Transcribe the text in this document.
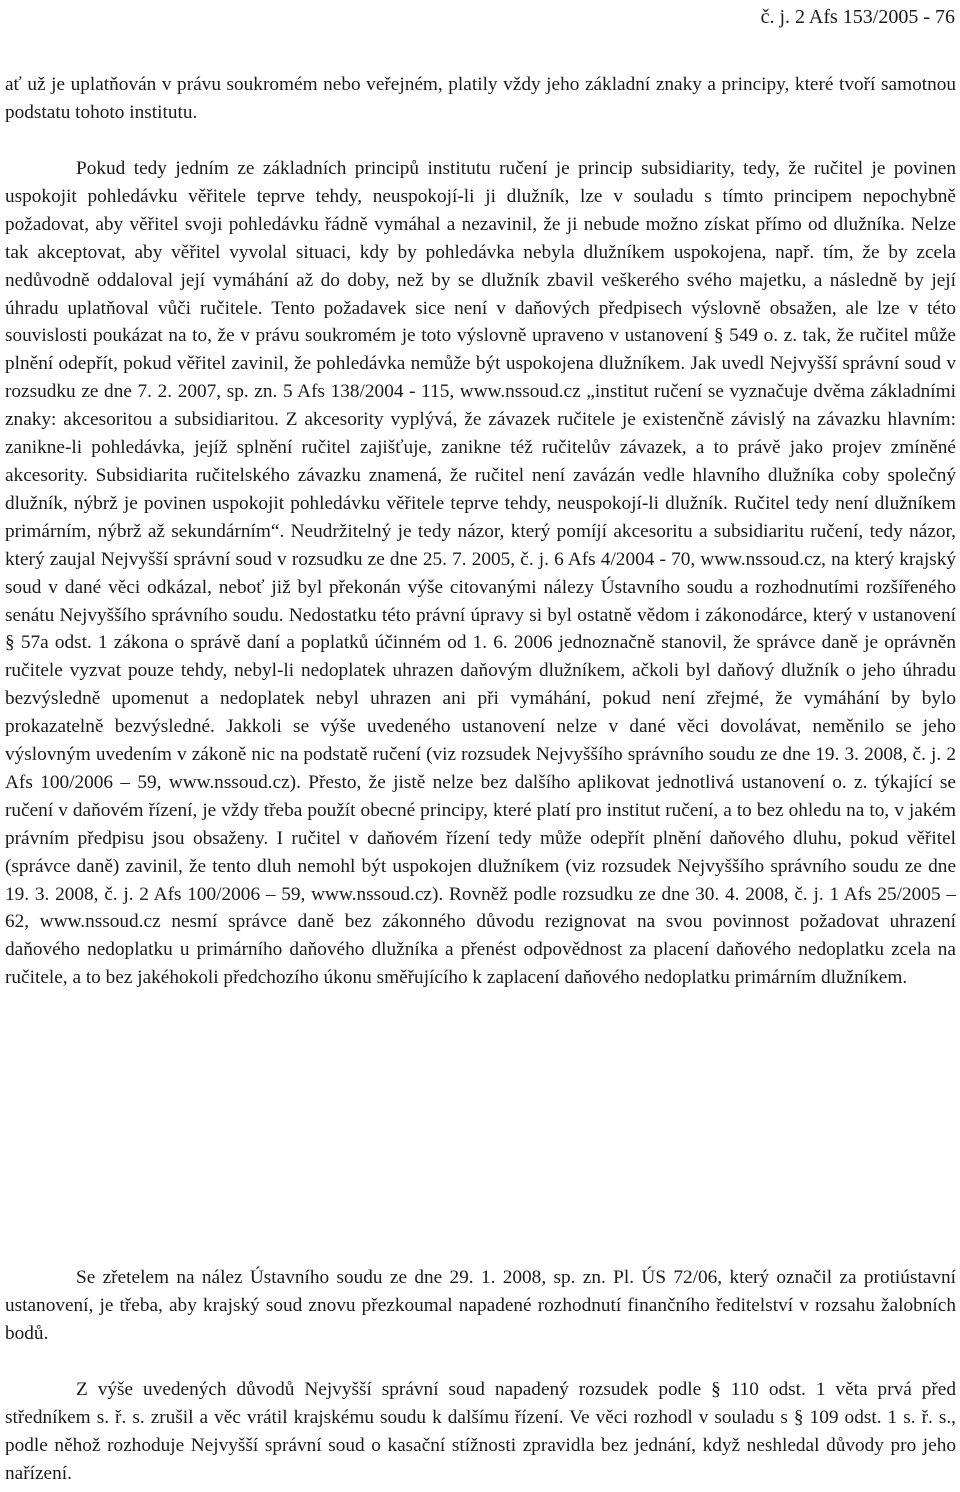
č. j. 2 Afs 153/2005 - 76

ať už je uplatňován v právu soukromém nebo veřejném, platily vždy jeho základní znaky a principy, které tvoří samotnou podstatu tohoto institutu.

Pokud tedy jedním ze základních principů institutu ručení je princip subsidiarity, tedy, že ručitel je povinen uspokojit pohledávku věřitele teprve tehdy, neuspokojí-li ji dlužník, lze v souladu s tímto principem nepochybně požadovat, aby věřitel svoji pohledávku řádně vymáhal a nezavinil, že ji nebude možno získat přímo od dlužníka. Nelze tak akceptovat, aby věřitel vyvolal situaci, kdy by pohledávka nebyla dlužníkem uspokojena, např. tím, že by zcela nedůvodně oddaloval její vymáhání až do doby, než by se dlužník zbavil veškerého svého majetku, a následně by její úhradu uplatňoval vůči ručitele. Tento požadavek sice není v daňových předpisech výslovně obsažen, ale lze v této souvislosti poukázat na to, že v právu soukromém je toto výslovně upraveno v ustanovení § 549 o. z. tak, že ručitel může plnění odepřít, pokud věřitel zavinil, že pohledávka nemůže být uspokojena dlužníkem. Jak uvedl Nejvyšší správní soud v rozsudku ze dne 7. 2. 2007, sp. zn. 5 Afs 138/2004 - 115, www.nssoud.cz „institut ručení se vyznačuje dvěma základními znaky: akcesoritou a subsidiaritou. Z akcesority vyplývá, že závazek ručitele je existenčně závislý na závazku hlavním: zanikne-li pohledávka, jejíž splnění ručitel zajišťuje, zanikne též ručitelův závazek, a to právě jako projev zmíněné akcesority. Subsidiarita ručitelského závazku znamená, že ručitel není zavázán vedle hlavního dlužníka coby společný dlužník, nýbrž je povinen uspokojit pohledávku věřitele teprve tehdy, neuspokojí-li dlužník. Ručitel tedy není dlužníkem primárním, nýbrž až sekundárním“. Neudržitelný je tedy názor, který pomíjí akcesoritu a subsidiaritu ručení, tedy názor, který zaujal Nejvyšší správní soud v rozsudku ze dne 25. 7. 2005, č. j. 6 Afs 4/2004 - 70, www.nssoud.cz, na který krajský soud v dané věci odkázal, neboť již byl překonán výše citovanými nálezy Ústavního soudu a rozhodnutími rozšířeného senátu Nejvyššího správního soudu. Nedostatku této právní úpravy si byl ostatně vědom i zákonodárce, který v ustanovení § 57a odst. 1 zákona o správě daní a poplatků účinném od 1. 6. 2006 jednoznačně stanovil, že správce daně je oprávněn ručitele vyzvat pouze tehdy, nebyl-li nedoplatek uhrazen daňovým dlužníkem, ačkoli byl daňový dlužník o jeho úhradu bezvýsledně upomenut a nedoplatek nebyl uhrazen ani při vymáhání, pokud není zřejmé, že vymáhání by bylo prokazatelně bezvýsledné. Jakkoli se výše uvedeného ustanovení nelze v dané věci dovolávat, neměnilo se jeho výslovným uvedením v zákoně nic na podstatě ručení (viz rozsudek Nejvyššího správního soudu ze dne 19. 3. 2008, č. j. 2 Afs 100/2006 – 59, www.nssoud.cz). Přesto, že jistě nelze bez dalšího aplikovat jednotlivá ustanovení o. z. týkající se ručení v daňovém řízení, je vždy třeba použít obecné principy, které platí pro institut ručení, a to bez ohledu na to, v jakém právním předpisu jsou obsaženy. I ručitel v daňovém řízení tedy může odepřít plnění daňového dluhu, pokud věřitel (správce daně) zavinil, že tento dluh nemohl být uspokojen dlužníkem (viz rozsudek Nejvyššího správního soudu ze dne 19. 3. 2008, č. j. 2 Afs 100/2006 – 59, www.nssoud.cz). Rovněž podle rozsudku ze dne 30. 4. 2008, č. j. 1 Afs 25/2005 – 62, www.nssoud.cz nesmí správce daně bez zákonného důvodu rezignovat na svou povinnost požadovat uhrazení daňového nedoplatku u primárního daňového dlužníka a přenést odpovědnost za placení daňového nedoplatku zcela na ručitele, a to bez jakéhokoli předchozího úkonu směřujícího k zaplacení daňového nedoplatku primárním dlužníkem.

Se zřetelem na nález Ústavního soudu ze dne 29. 1. 2008, sp. zn. Pl. ÚS 72/06, který označil za protiústavní ustanovení, je třeba, aby krajský soud znovu přezkoumal napadené rozhodnutí finančního ředitelství v rozsahu žalobních bodů.

Z výše uvedených důvodů Nejvyšší správní soud napadený rozsudek podle § 110 odst. 1 věta prvá před středníkem s. ř. s. zrušil a věc vrátil krajskému soudu k dalšímu řízení. Ve věci rozhodl v souladu s § 109 odst. 1 s. ř. s., podle něhož rozhoduje Nejvyšší správní soud o kasační stížnosti zpravidla bez jednání, když neshledal důvody pro jeho nařízení.
